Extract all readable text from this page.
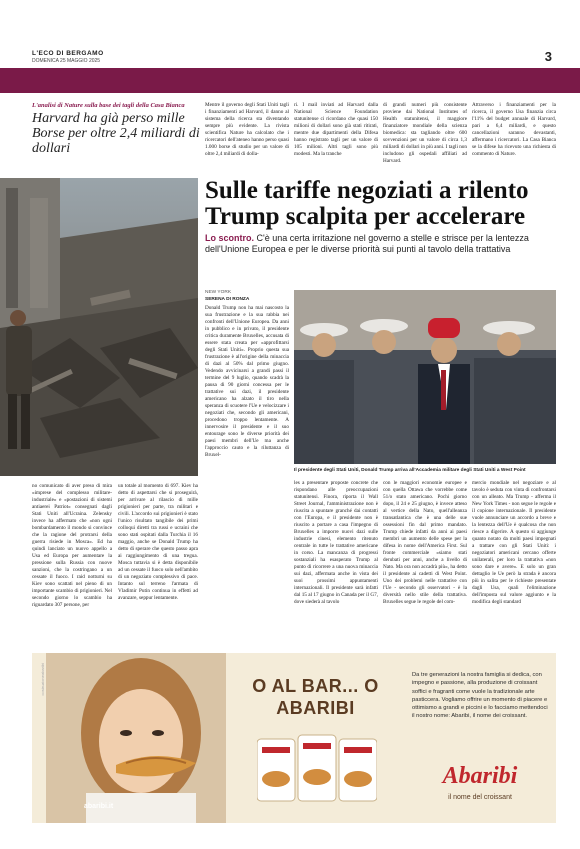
L'ECO DI BERGAMO
DOMENICA 25 MAGGIO 2025	3
L'analisi di Nature sulla base dei tagli della Casa Bianca
Harvard ha già perso mille Borse per oltre 2,4 miliardi di dollari
Mentre il governo degli Stati Uniti tagli i finanziamenti ad Harvard, il danno al sistema della ricerca sta diventando sempre più evidente. La rivista scientifica Nature ha calcolato che i ricercatori dell'ateneo hanno perso quasi 1.000 borse di studio per un valore di oltre 2,4 miliardi di dolla-
ri. I mail inviati ad Harvard dalla National Science Foundation statunitense ci ricordano che quasi 150 milioni di dollari sono già stati ritirati, mentre due dipartimenti della Difesa hanno registrato tagli per un valore di 105 milioni. Altri tagli sono più modesti. Ma la tranche
di grandi numeri più consistente proviene dai National Institutes of Health statunitensi, il maggiore finanziatore mondiale della scienza biomedica: sta tagliando oltre 600 sovvenzioni per un valore di circa 1,3 miliardi di dollari in più anni. I tagli non includono gli ospedali affiliati ad Harvard.
Attraverso i finanziamenti per la ricerca, il governo Usa finanzia circa l'11% del budget annuale di Harvard, pari a 6,4 miliardi, e questo cancellazioni saranno devastanti, affermano i ricercatori. La Casa Bianca se la difese ha ricevuto una richiesta di commento di Nature.
Sulle tariffe negoziati a rilento
Trump scalpita per accelerare
Lo scontro. C'è una certa irritazione nel governo a stelle e strisce per la lentezza dell'Unione Europea e per le diverse priorità sui punti al tavolo della trattativa
NEW YORK
SERENA DI RONZA
Donald Trump non ha mai nascosto la sua frustrazione e la sua rabbia nei confronti dell'Unione Europea. Da anni in pubblico e in privato, il presidente critica duramente Bruxelles, accusata di essere stata creata per «approfittarsi degli Stati Uniti». Proprio questa sua frustrazione è all'origine della minaccia di dazi al 50% dal primo giugno. Vedendo avvicinarsi a grandi passi il termine del 9 luglio, quando scadrà la pausa di 90 giorni concessa per le trattative sui dazi, il presidente americano ha alzato il tiro nella speranza di scuotere l'Ue e velocizzare i negoziati che, secondo gli americani, procedono troppo lentamente. A innervosire il presidente e il suo entourage sono le diverse priorità dei paesi membri dell'Ue ma anche l'approccio cauto e la riluttanza di Bruxel-
Il presidente degli Stati Uniti, Donald Trump arriva all'Accademia militare degli Stati Uniti a West Point
les a presentare proposte concrete che rispondano alle preoccupazioni statunitensi. Finora, riporta il Wall Street Journal, l'amministrazione non è riuscita a spuntare granché dai contatti con l'Europa, e il presidente non è riuscito a portare a casa l'impegno di Bruxelles a imporre nuovi dazi sulle industrie cinesi, elemento ritenuto centrale in tutte le trattative americane in corso. La mancanza di progressi sostanziali ha esasperato Trump al punto di ricorrere a una nuova minaccia sui dazi, affermata anche in vista dei suoi prossimi appuntamenti internazionali. Il presidente sarà infatti dal 15 al 17 giugno in Canada per il G7, dove siederà al tavolo
no comunicato di aver preso di mira «imprese del complesso militare-industriale» e «postazioni di sistemi antiaerei Patriot» consegnati dagli Stati Uniti all'Ucraina. Zelensky invece ha affermato che «non ogni bombardamento il mondo si convince che la ragione del protrarsi della guerra risiede in Mosca». Ed ha quindi lanciato un nuovo appello a Usa ed Europa per aumentare la pressione sulla Russia con nuove sanzioni, che la costringano a un cessate il fuoco. I raid notturni su Kiev sono scattati nel pieno di un importante scambio di prigionieri. Nel secondo giorno lo scambio ha riguardato 307 persone, per
un totale al momento di 697. Kiev ha detto di aspettarsi che si proseguirà, per arrivare al rilascio di mille prigionieri per parte, tra militari e civili. L'accordo sui prigionieri è stato l'unico risultato tangibile dei primi colloqui diretti tra russi e ucraini che sono stati ospitati dalla Turchia il 16 maggio, anche se Donald Trump ha detto di sperare che questo passo apra ai raggiungimento di una tregua. Mosca tuttavia si è detta disponibile ad un cessate il fuoco solo nell'ambito di un negoziato complessivo di pace. Intanto sul terreno l'armata di Vladimir Putin continua in effetti ad avanzare, seppur lentamente.
con le maggiori economie europee e con quella Ottawa che vorrebbe come 51/o stato americano. Pochi giorno dopo, il 24 e 25 giugno, è invece atteso al vertice della Nato, quell'alleanza transatlantica che è una delle sue ossessioni fin dal primo mandato. Trump chiede infatti da anni ai paesi membri un aumento delle spese per la difesa in nome dell'America First. Sul fronte commerciale «siamo stati derubati per anni, anche a livello di Nato. Ma ora non accadrà più», ha detto il presidente ai cadetti di West Point. Uno dei problemi nelle trattative con l'Ue - secondo gli osservatori - è la diversità nello stile della trattativa. Bruxelles segue le regole del com-
mercio mondiale nel negoziare e al tavolo è seduta con vinta di confrontarsi con un alleato. Ma Trump - afferma il New York Times - non segue le regole e il copione internazionale. Il presidente vuole annunciare un accordo a breve e la lentezza dell'Ue è qualcosa che non riesce a digerire. A questo si aggiunge quanto notato da molti paesi impegnati a trattare con gli Stati Uniti: i negoziatori americani cercano offerte unilaterali, per loro la trattativa «non sono dare e avere». E solo un gran dettaglio le Ue però la strada è ancora più in salita per le richieste presentate dagli Usa, quali l'eliminazione dell'imposta sul valore aggiunto e la modifica degli standard
costruzioneabaribi
abaribi.it
O AL BAR... O ABARIBI
Da tre generazioni la nostra famiglia si dedica, con impegno e passione, alla produzione di croissant soffici e fragranti come vuole la tradizionale arte pasticcera. Vogliamo offrire un momento di piacere e ottimismo a grandi e piccini e lo facciamo mettendoci il nostro nome: Abaribi, il nome dei croissant.
Abaribi
il nome del croissant
